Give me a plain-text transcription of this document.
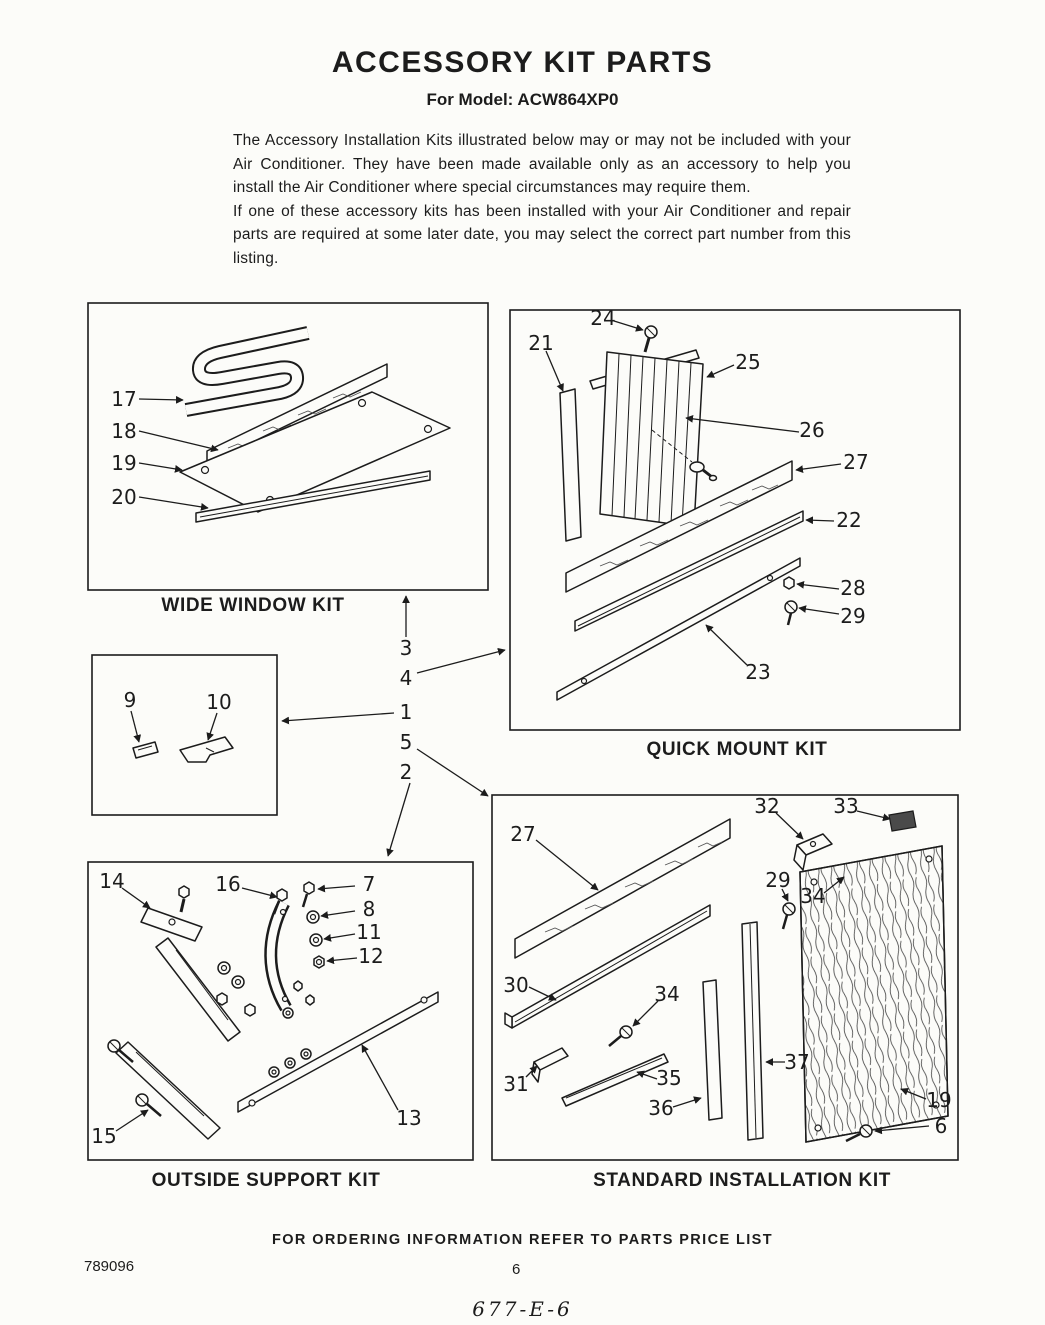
ACCESSORY KIT PARTS
For Model: ACW864XP0

The Accessory Installation Kits illustrated below may or may not be included with your Air Conditioner. They have been made available only as an accessory to help you install the Air Conditioner where special circumstances may require them.

If one of these accessory kits has been installed with your Air Conditioner and repair parts are required at some later date, you may select the correct part number from this listing.

WIDE WINDOW KIT
QUICK MOUNT KIT
OUTSIDE SUPPORT KIT	STANDARD INSTALLATION KIT
17
18
19
20
24
21
25
26
27
22
28
29
23
9	10
3
4
1
5
2
14	16	7
8
11
12
15
13
32	33
27
29
34
30	34
31	35
36
37
19
6
FOR ORDERING INFORMATION REFER TO PARTS PRICE LIST
789096	6
677-E-6
